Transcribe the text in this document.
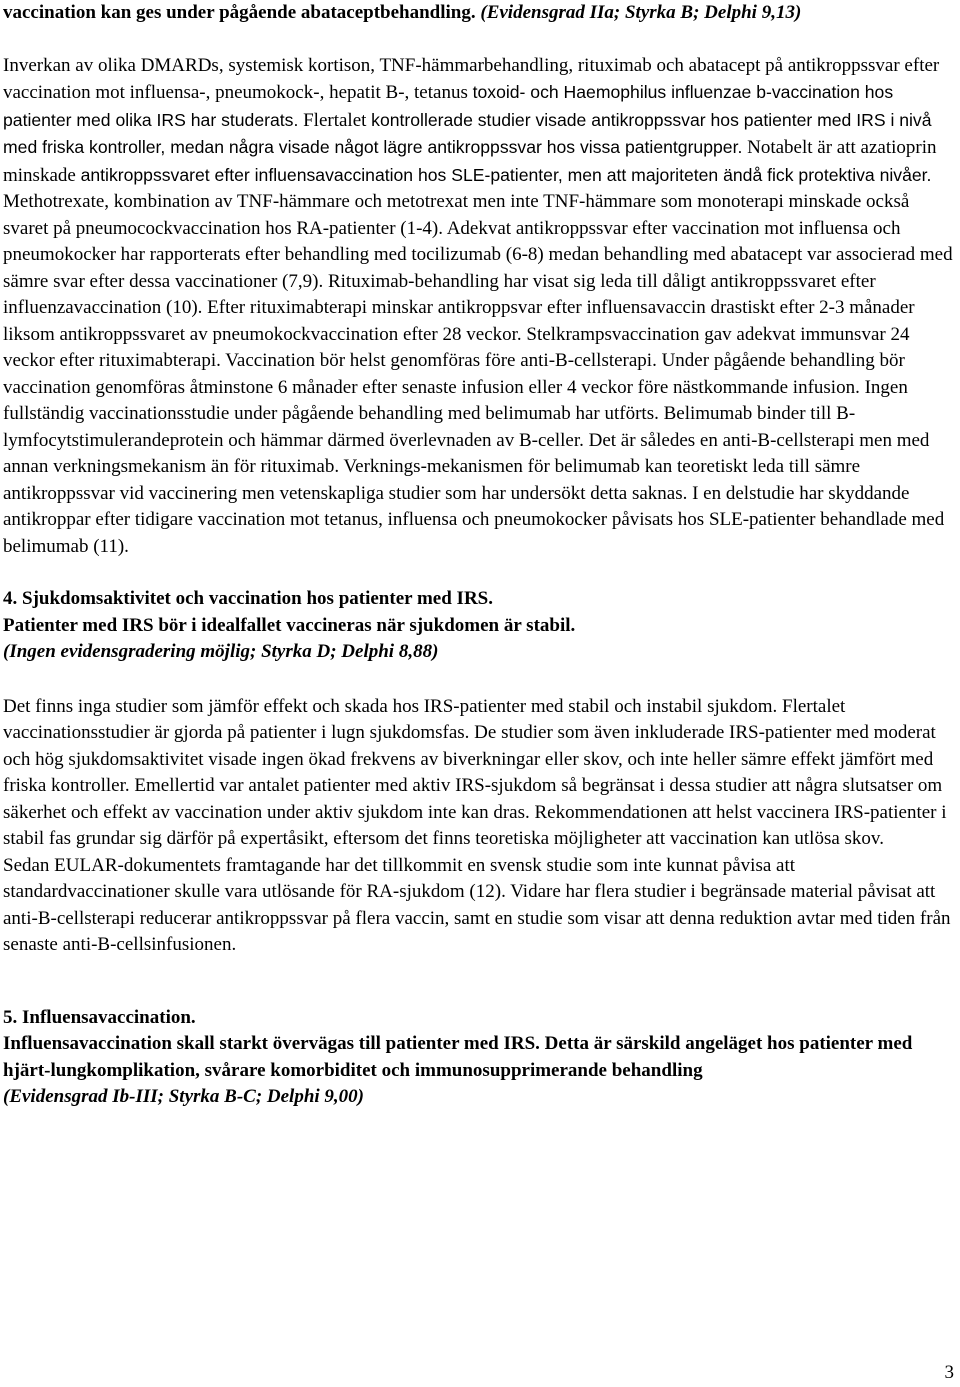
vaccination kan ges under pågående abataceptbehandling. (Evidensgrad IIa; Styrka B; Delphi 9,13)

Inverkan av olika DMARDs, systemisk kortison, TNF-hämmarbehandling, rituximab och abatacept på antikroppssvar efter vaccination mot influensa-, pneumokock-, hepatit B-, tetanus toxoid- och Haemophilus influenzae b-vaccination hos patienter med olika IRS har studerats. Flertalet kontrollerade studier visade antikroppssvar hos patienter med IRS i nivå med friska kontroller, medan några visade något lägre antikroppssvar hos vissa patientgrupper. Notabelt är att azatioprin minskade antikroppssvaret efter influensavaccination hos SLE-patienter, men att majoriteten ändå fick protektiva nivåer. Methotrexate, kombination av TNF-hämmare och metotrexat men inte TNF-hämmare som monoterapi minskade också svaret på pneumocockvaccination hos RA-patienter (1-4). Adekvat antikroppssvar efter vaccination mot influensa och pneumokocker har rapporterats efter behandling med tocilizumab (6-8) medan behandling med abatacept var associerad med sämre svar efter dessa vaccinationer (7,9). Rituximab-behandling har visat sig leda till dåligt antikroppssvaret efter influenzavaccination (10). Efter rituximabterapi minskar antikroppsvar efter influensavaccin drastiskt efter 2-3 månader liksom antikroppssvaret av pneumokockvaccination efter 28 veckor. Stelkrampsvaccination gav adekvat immunsvar 24 veckor efter rituximabterapi. Vaccination bör helst genomföras före anti-B-cellsterapi. Under pågående behandling bör vaccination genomföras åtminstone 6 månader efter senaste infusion eller 4 veckor före nästkommande infusion. Ingen fullständig vaccinationsstudie under pågående behandling med belimumab har utförts. Belimumab binder till B-lymfocytstimulerandeprotein och hämmar därmed överlevnaden av B-celler. Det är således en anti-B-cellsterapi men med annan verkningsmekanism än för rituximab. Verknings-mekanismen för belimumab kan teoretiskt leda till sämre antikroppssvar vid vaccinering men vetenskapliga studier som har undersökt detta saknas. I en delstudie har skyddande antikroppar efter tidigare vaccination mot tetanus, influensa och pneumokocker påvisats hos SLE-patienter behandlade med belimumab (11).

4. Sjukdomsaktivitet och vaccination hos patienter med IRS.

Patienter med IRS bör i idealfallet vaccineras när sjukdomen är stabil.

(Ingen evidensgradering möjlig; Styrka D; Delphi 8,88)

Det finns inga studier som jämför effekt och skada hos IRS-patienter med stabil och instabil sjukdom. Flertalet vaccinationsstudier är gjorda på patienter i lugn sjukdomsfas. De studier som även inkluderade IRS-patienter med moderat och hög sjukdomsaktivitet visade ingen ökad frekvens av biverkningar eller skov, och inte heller sämre effekt jämfört med friska kontroller. Emellertid var antalet patienter med aktiv IRS-sjukdom så begränsat i dessa studier att några slutsatser om säkerhet och effekt av vaccination under aktiv sjukdom inte kan dras. Rekommendationen att helst vaccinera IRS-patienter i stabil fas grundar sig därför på expertåsikt, eftersom det finns teoretiska möjligheter att vaccination kan utlösa skov.

Sedan EULAR-dokumentets framtagande har det tillkommit en svensk studie som inte kunnat påvisa att standardvaccinationer skulle vara utlösande för RA-sjukdom (12). Vidare har flera studier i begränsade material påvisat att anti-B-cellsterapi reducerar antikroppssvar på flera vaccin, samt en studie som visar att denna reduktion avtar med tiden från senaste anti-B-cellsinfusionen.

5. Influensavaccination.

Influensavaccination skall starkt övervägas till patienter med IRS. Detta är särskild angeläget hos patienter med hjärt-lungkomplikation, svårare komorbiditet och immunosupprimerande behandling

(Evidensgrad Ib-III; Styrka B-C; Delphi 9,00)

3
